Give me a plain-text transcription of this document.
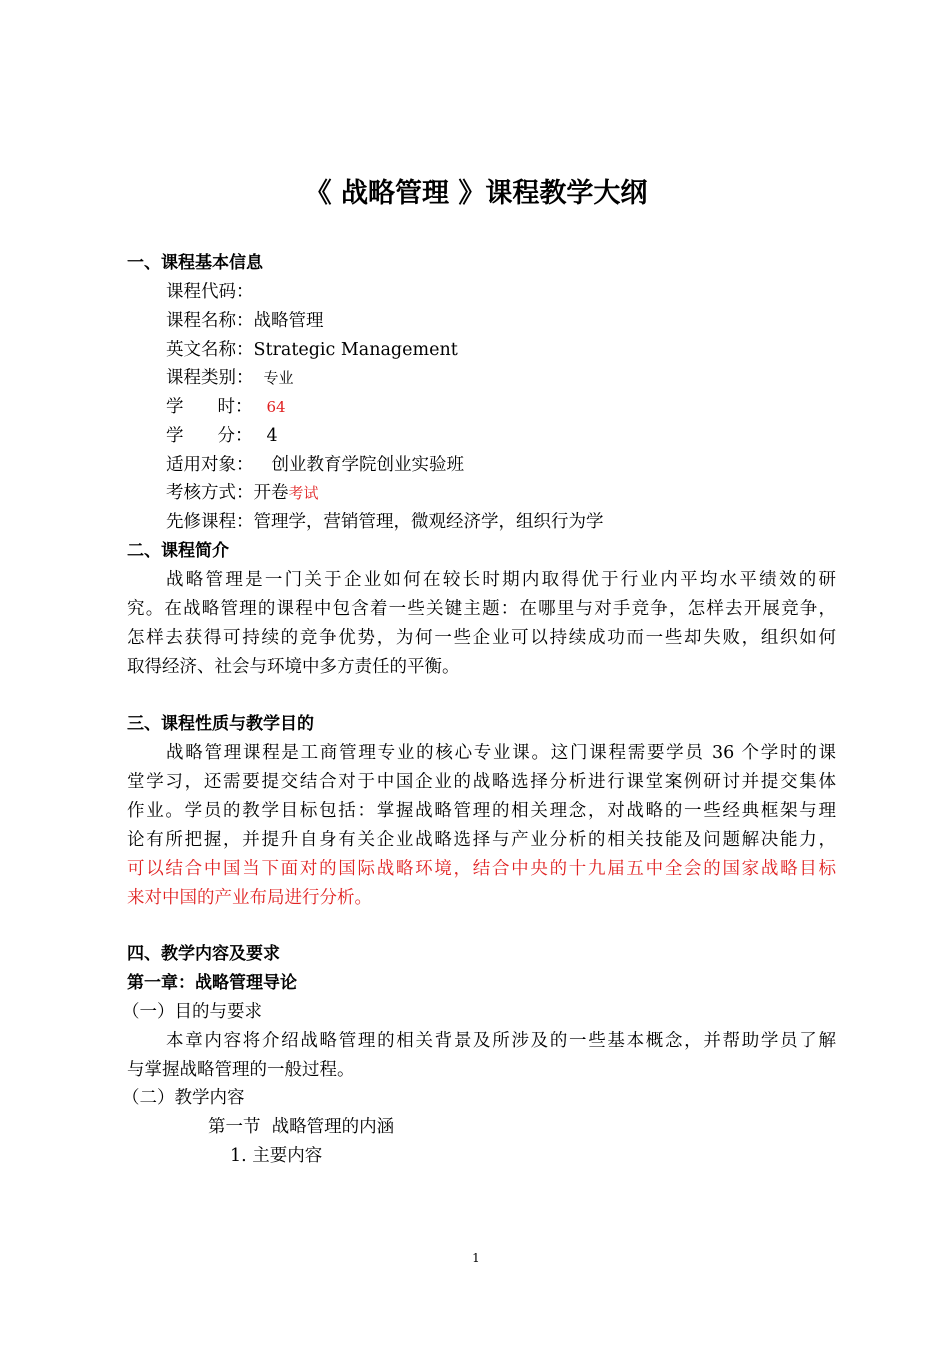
《 战略管理 》课程教学大纲
一、课程基本信息
课程代码：
课程名称：战略管理
英文名称：Strategic Management
课程类别： 专业
学 时： 64
学 分： 4
适用对象： 创业教育学院创业实验班
考核方式：开卷考试
先修课程：管理学，营销管理，微观经济学，组织行为学
二、课程简介
战略管理是一门关于企业如何在较长时期内取得优于行业内平均水平绩效的研
究。在战略管理的课程中包含着一些关键主题：在哪里与对手竞争，怎样去开展竞争，
怎样去获得可持续的竞争优势，为何一些企业可以持续成功而一些却失败，组织如何
取得经济、社会与环境中多方责任的平衡。
三、课程性质与教学目的
战略管理课程是工商管理专业的核心专业课。这门课程需要学员 36 个学时的课
堂学习，还需要提交结合对于中国企业的战略选择分析进行课堂案例研讨并提交集体
作业。学员的教学目标包括：掌握战略管理的相关理念，对战略的一些经典框架与理
论有所把握，并提升自身有关企业战略选择与产业分析的相关技能及问题解决能力，
可以结合中国当下面对的国际战略环境，结合中央的十九届五中全会的国家战略目标
来对中国的产业布局进行分析。
四、教学内容及要求
第一章：战略管理导论
（一）目的与要求
本章内容将介绍战略管理的相关背景及所涉及的一些基本概念，并帮助学员了解
与掌握战略管理的一般过程。
（二）教学内容
第一节  战略管理的内涵
1. 主要内容
1
